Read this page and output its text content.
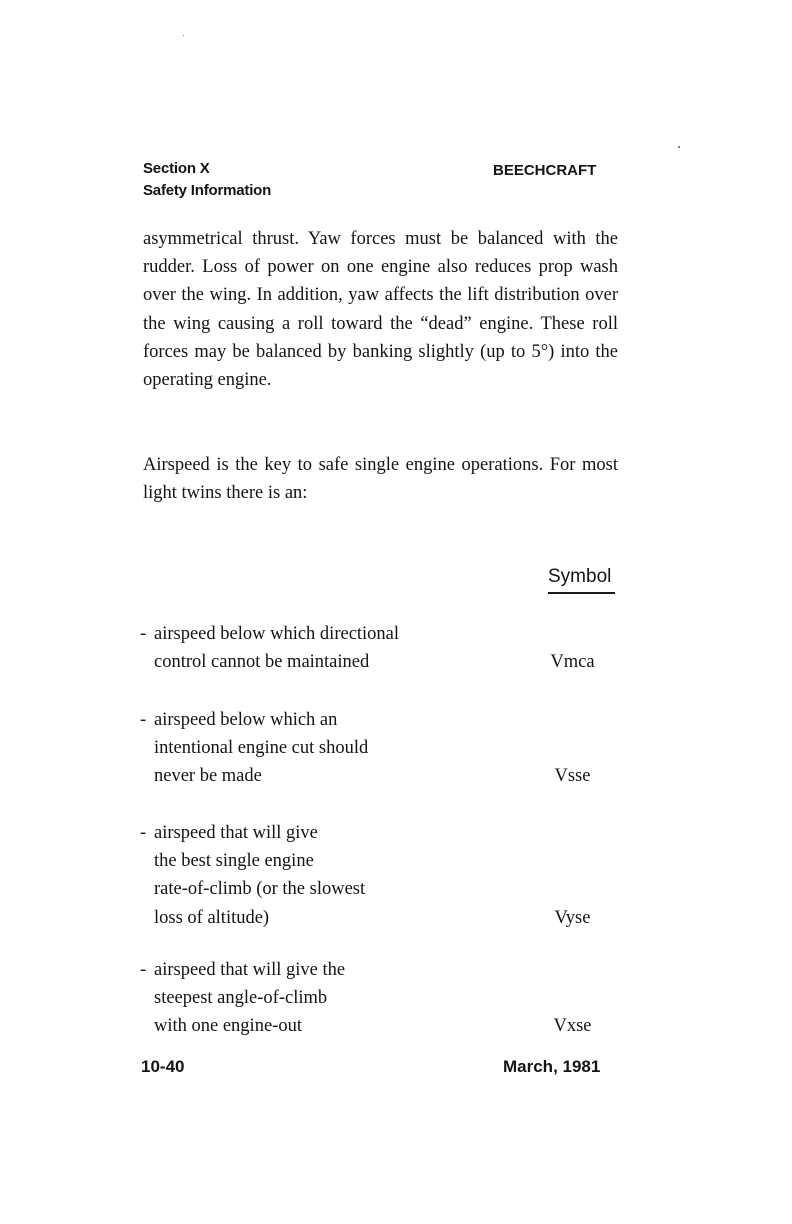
Section X
Safety Information
BEECHCRAFT
asymmetrical thrust. Yaw forces must be balanced with the rudder. Loss of power on one engine also reduces prop wash over the wing. In addition, yaw affects the lift distribution over the wing causing a roll toward the “dead” engine. These roll forces may be balanced by banking slightly (up to 5°) into the operating engine.
Airspeed is the key to safe single engine operations. For most light twins there is an:
Symbol
- airspeed below which directional
control cannot be maintained	Vmca
- airspeed below which an
intentional engine cut should
never be made	Vsse
- airspeed that will give
the best single engine
rate-of-climb (or the slowest
loss of altitude)	Vyse
- airspeed that will give the
steepest angle-of-climb
with one engine-out	Vxse
10-40	March, 1981
